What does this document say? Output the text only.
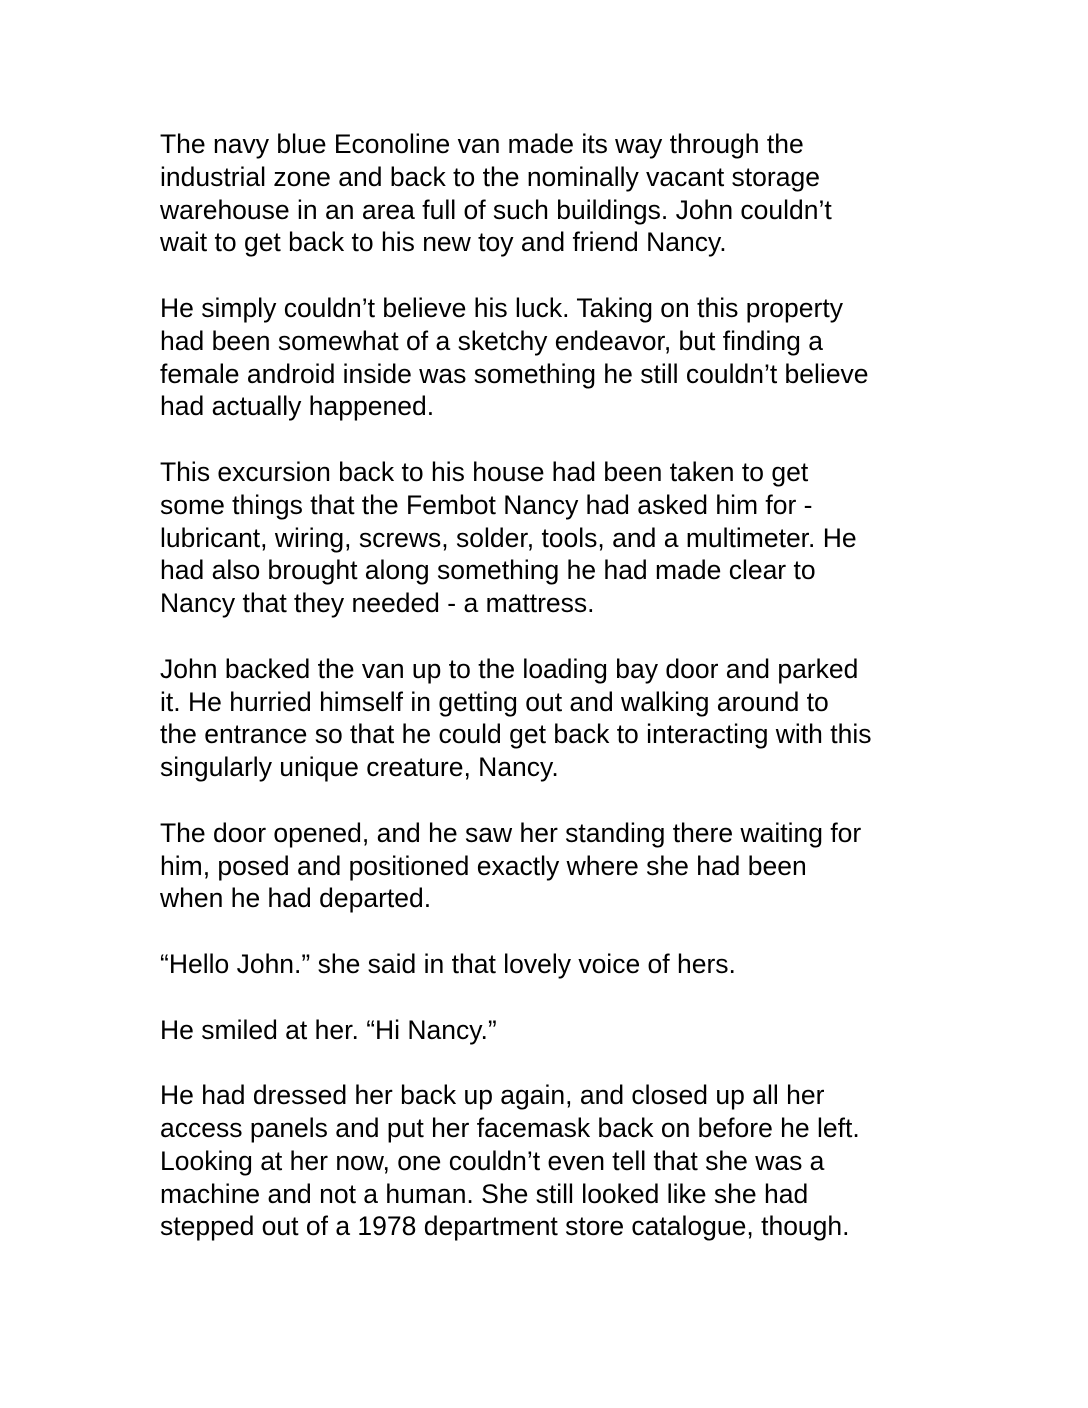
The navy blue Econoline van made its way through the
industrial zone and back to the nominally vacant storage
warehouse in an area full of such buildings. John couldn’t
wait to get back to his new toy and friend Nancy.

He simply couldn’t believe his luck. Taking on this property
had been somewhat of a sketchy endeavor, but finding a
female android inside was something he still couldn’t believe
had actually happened.

This excursion back to his house had been taken to get
some things that the Fembot Nancy had asked him for -
lubricant, wiring, screws, solder, tools, and a multimeter. He
had also brought along something he had made clear to
Nancy that they needed - a mattress.

John backed the van up to the loading bay door and parked
it. He hurried himself in getting out and walking around to
the entrance so that he could get back to interacting with this
singularly unique creature, Nancy.

The door opened, and he saw her standing there waiting for
him, posed and positioned exactly where she had been
when he had departed.

“Hello John.” she said in that lovely voice of hers.

He smiled at her. “Hi Nancy.”

He had dressed her back up again, and closed up all her
access panels and put her facemask back on before he left.
Looking at her now, one couldn’t even tell that she was a
machine and not a human. She still looked like she had
stepped out of a 1978 department store catalogue, though.
